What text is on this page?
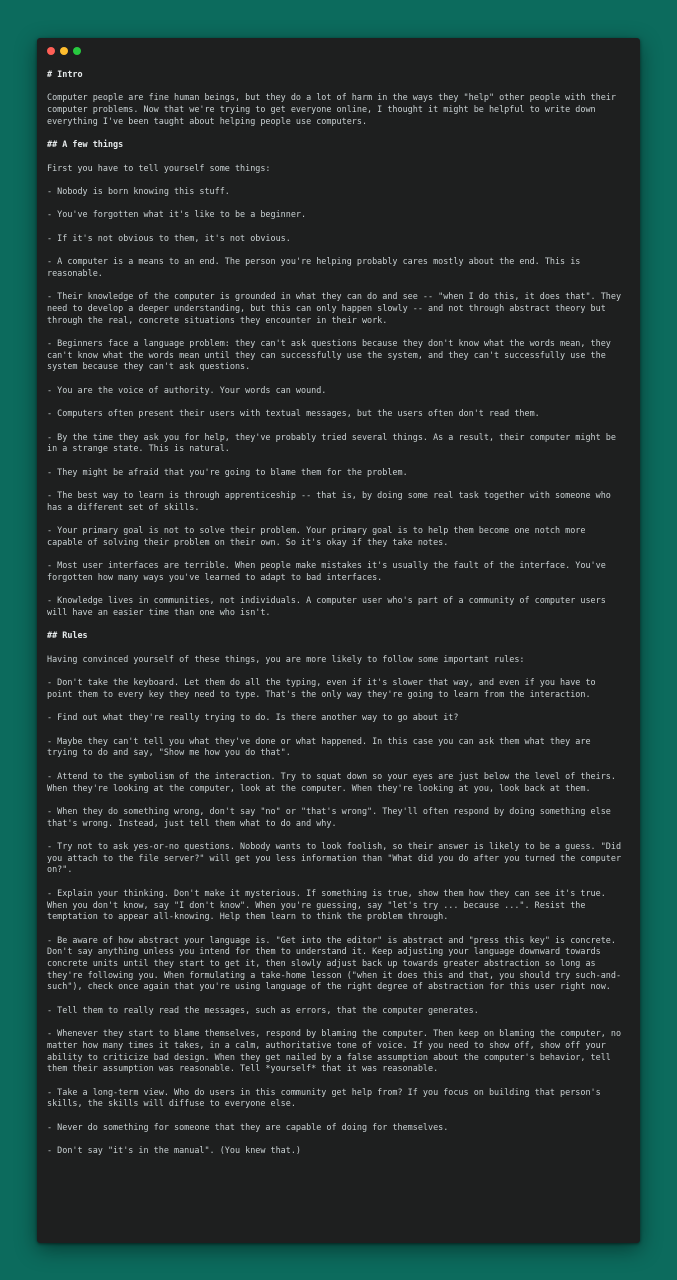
# Intro
Computer people are fine human beings, but they do a lot of harm in the ways they "help" other people with their computer problems. Now that we're trying to get everyone online, I thought it might be helpful to write down everything I've been taught about helping people use computers.
## A few things
First you have to tell yourself some things:
- Nobody is born knowing this stuff.
- You've forgotten what it's like to be a beginner.
- If it's not obvious to them, it's not obvious.
- A computer is a means to an end. The person you're helping probably cares mostly about the end. This is reasonable.
- Their knowledge of the computer is grounded in what they can do and see -- "when I do this, it does that". They need to develop a deeper understanding, but this can only happen slowly -- and not through abstract theory but through the real, concrete situations they encounter in their work.
- Beginners face a language problem: they can't ask questions because they don't know what the words mean, they can't know what the words mean until they can successfully use the system, and they can't successfully use the system because they can't ask questions.
- You are the voice of authority. Your words can wound.
- Computers often present their users with textual messages, but the users often don't read them.
- By the time they ask you for help, they've probably tried several things. As a result, their computer might be in a strange state. This is natural.
- They might be afraid that you're going to blame them for the problem.
- The best way to learn is through apprenticeship -- that is, by doing some real task together with someone who has a different set of skills.
- Your primary goal is not to solve their problem. Your primary goal is to help them become one notch more capable of solving their problem on their own. So it's okay if they take notes.
- Most user interfaces are terrible. When people make mistakes it's usually the fault of the interface. You've forgotten how many ways you've learned to adapt to bad interfaces.
- Knowledge lives in communities, not individuals. A computer user who's part of a community of computer users will have an easier time than one who isn't.
## Rules
Having convinced yourself of these things, you are more likely to follow some important rules:
- Don't take the keyboard. Let them do all the typing, even if it's slower that way, and even if you have to point them to every key they need to type. That's the only way they're going to learn from the interaction.
- Find out what they're really trying to do. Is there another way to go about it?
- Maybe they can't tell you what they've done or what happened. In this case you can ask them what they are trying to do and say, "Show me how you do that".
- Attend to the symbolism of the interaction. Try to squat down so your eyes are just below the level of theirs. When they're looking at the computer, look at the computer. When they're looking at you, look back at them.
- When they do something wrong, don't say "no" or "that's wrong". They'll often respond by doing something else that's wrong. Instead, just tell them what to do and why.
- Try not to ask yes-or-no questions. Nobody wants to look foolish, so their answer is likely to be a guess. "Did you attach to the file server?" will get you less information than "What did you do after you turned the computer on?".
- Explain your thinking. Don't make it mysterious. If something is true, show them how they can see it's true. When you don't know, say "I don't know". When you're guessing, say "let's try ... because ...". Resist the temptation to appear all-knowing. Help them learn to think the problem through.
- Be aware of how abstract your language is. "Get into the editor" is abstract and "press this key" is concrete. Don't say anything unless you intend for them to understand it. Keep adjusting your language downward towards concrete units until they start to get it, then slowly adjust back up towards greater abstraction so long as they're following you. When formulating a take-home lesson ("when it does this and that, you should try such-and-such"), check once again that you're using language of the right degree of abstraction for this user right now.
- Tell them to really read the messages, such as errors, that the computer generates.
- Whenever they start to blame themselves, respond by blaming the computer. Then keep on blaming the computer, no matter how many times it takes, in a calm, authoritative tone of voice. If you need to show off, show off your ability to criticize bad design. When they get nailed by a false assumption about the computer's behavior, tell them their assumption was reasonable. Tell *yourself* that it was reasonable.
- Take a long-term view. Who do users in this community get help from? If you focus on building that person's skills, the skills will diffuse to everyone else.
- Never do something for someone that they are capable of doing for themselves.
- Don't say "it's in the manual". (You knew that.)
